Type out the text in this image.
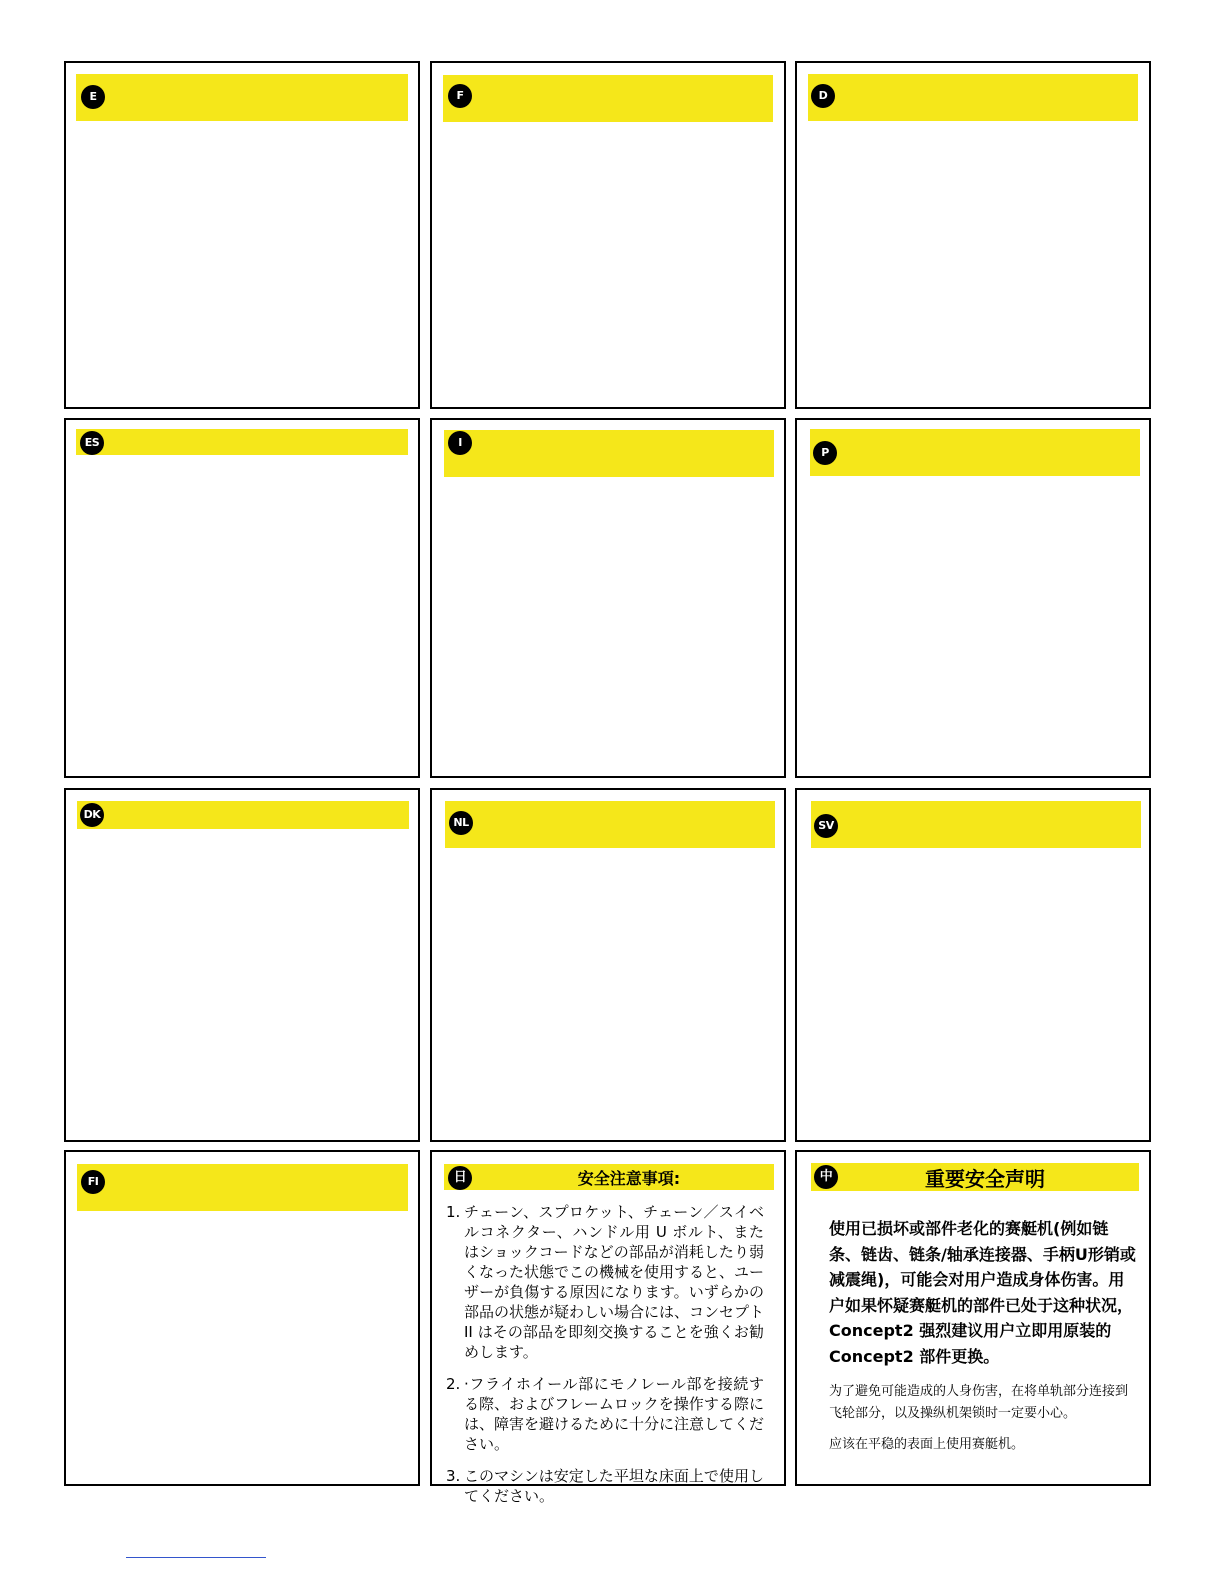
E	F	D
ES	I
P
DK
NL	SV
FI	安全注意事項:
日
1. チェーン、スプロケット、チェーン／スイベルコネクター、ハンドル用 U ボルト、またはショックコードなどの部品が消耗したり弱くなった状態でこの機械を使用すると、ユーザーが負傷する原因になります。いずらかの部品の状態が疑わしい場合には、コンセプト II はその部品を即刻交換することを強くお勧めします。
2. ·フライホイール部にモノレール部を接続する際、およびフレームロックを操作する際には、障害を避けるために十分に注意してください。
3. このマシンは安定した平坦な床面上で使用してください。
重要安全声明
中

使用已损坏或部件老化的赛艇机(例如链条、链齿、链条/轴承连接器、手柄U形销或减震绳)，可能会对用户造成身体伤害。用户如果怀疑赛艇机的部件已处于这种状况，Concept2 强烈建议用户立即用原装的 Concept2 部件更换。

为了避免可能造成的人身伤害，在将单轨部分连接到飞轮部分，以及操纵机架锁时一定要小心。

应该在平稳的表面上使用赛艇机。
